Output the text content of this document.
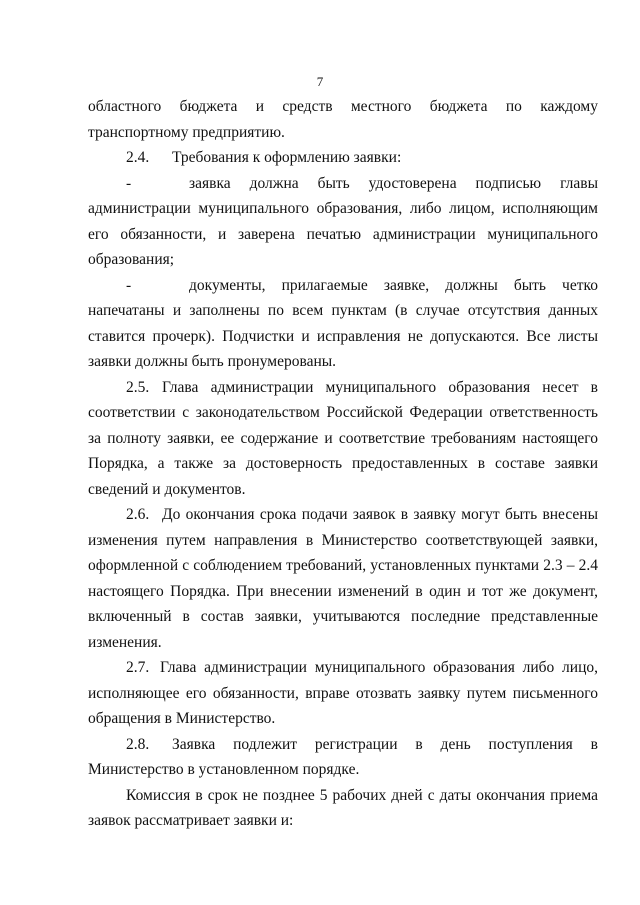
7

областного бюджета и средств местного бюджета по каждому транспортному предприятию.

2.4. Требования к оформлению заявки:

-	заявка должна быть удостоверена подписью главы администрации муниципального образования, либо лицом, исполняющим его обязанности, и заверена печатью администрации муниципального образования;

-	документы, прилагаемые заявке, должны быть четко напечатаны и заполнены по всем пунктам (в случае отсутствия данных ставится прочерк). Подчистки и исправления не допускаются. Все листы заявки должны быть пронумерованы.

2.5. Глава администрации муниципального образования несет в соответствии с законодательством Российской Федерации ответственность за полноту заявки, ее содержание и соответствие требованиям настоящего Порядка, а также за достоверность предоставленных в составе заявки сведений и документов.

2.6. До окончания срока подачи заявок в заявку могут быть внесены изменения путем направления в Министерство соответствующей заявки, оформленной с соблюдением требований, установленных пунктами 2.3 – 2.4 настоящего Порядка. При внесении изменений в один и тот же документ, включенный в состав заявки, учитываются последние представленные изменения.

2.7. Глава администрации муниципального образования либо лицо, исполняющее его обязанности, вправе отозвать заявку путем письменного обращения в Министерство.

2.8. Заявка подлежит регистрации в день поступления в Министерство в установленном порядке.

Комиссия в срок не позднее 5 рабочих дней с даты окончания приема заявок рассматривает заявки и:
